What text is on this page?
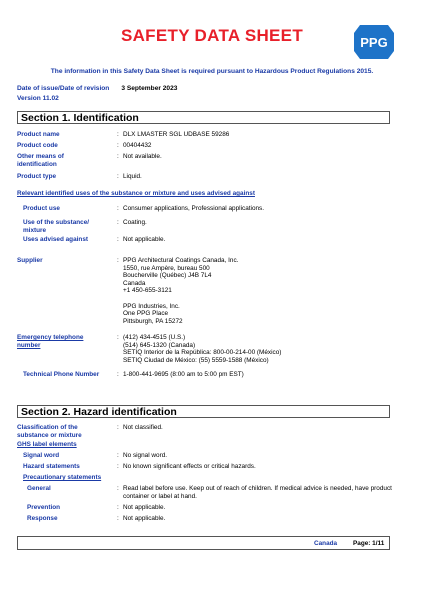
SAFETY DATA SHEET	PPG
The information in this Safety Data Sheet is required pursuant to Hazardous Product Regulations 2015.
Date of issue/Date of revision 3 September 2023
Version 11.02
Section 1. Identification
Product name	: DLX LMASTER SGL UDBASE 59286
Product code	: 00404432
Other means of identification
: Not available.
Product type	: Liquid.
Relevant identified uses of the substance or mixture and uses advised against
Product use	: Consumer applications, Professional applications.
Use of the substance/ mixture
: Coating.
Uses advised against	: Not applicable.
Supplier	: PPG Architectural Coatings Canada, Inc.
1550, rue Ampère, bureau 500
Boucherville (Québec) J4B 7L4
Canada
+1 450-655-3121
PPG Industries, Inc.
One PPG Place
Pittsburgh, PA 15272
Emergency telephone number
: (412) 434-4515 (U.S.)
(514) 645-1320 (Canada)
SETIQ Interior de la República: 800-00-214-00 (México)
SETIQ Ciudad de México: (55) 5559-1588 (México)
Technical Phone Number	: 1-800-441-9695 (8:00 am to 5:00 pm EST)
Section 2. Hazard identification
Classification of the substance or mixture
: Not classified.
GHS label elements
Signal word	: No signal word.
Hazard statements	: No known significant effects or critical hazards.
Precautionary statements
General	: Read label before use. Keep out of reach of children. If medical advice is needed, have product container or label at hand.
Prevention	: Not applicable.
Response	: Not applicable.
Canada Page: 1/11
